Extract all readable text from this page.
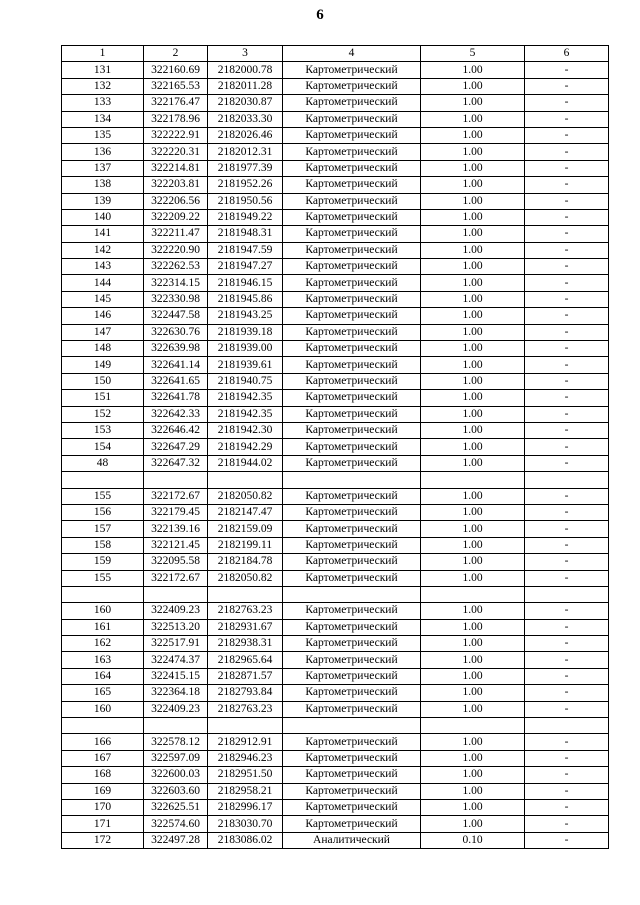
6
1	2	3	4	5	6
131	322160.69	2182000.78	Картометрический	1.00	-
132	322165.53	2182011.28	Картометрический	1.00	-
133	322176.47	2182030.87	Картометрический	1.00	-
134	322178.96	2182033.30	Картометрический	1.00	-
135	322222.91	2182026.46	Картометрический	1.00	-
136	322220.31	2182012.31	Картометрический	1.00	-
137	322214.81	2181977.39	Картометрический	1.00	-
138	322203.81	2181952.26	Картометрический	1.00	-
139	322206.56	2181950.56	Картометрический	1.00	-
140	322209.22	2181949.22	Картометрический	1.00	-
141	322211.47	2181948.31	Картометрический	1.00	-
142	322220.90	2181947.59	Картометрический	1.00	-
143	322262.53	2181947.27	Картометрический	1.00	-
144	322314.15	2181946.15	Картометрический	1.00	-
145	322330.98	2181945.86	Картометрический	1.00	-
146	322447.58	2181943.25	Картометрический	1.00	-
147	322630.76	2181939.18	Картометрический	1.00	-
148	322639.98	2181939.00	Картометрический	1.00	-
149	322641.14	2181939.61	Картометрический	1.00	-
150	322641.65	2181940.75	Картометрический	1.00	-
151	322641.78	2181942.35	Картометрический	1.00	-
152	322642.33	2181942.35	Картометрический	1.00	-
153	322646.42	2181942.30	Картометрический	1.00	-
154	322647.29	2181942.29	Картометрический	1.00	-
48	322647.32	2181944.02	Картометрический	1.00	-

155	322172.67	2182050.82	Картометрический	1.00	-
156	322179.45	2182147.47	Картометрический	1.00	-
157	322139.16	2182159.09	Картометрический	1.00	-
158	322121.45	2182199.11	Картометрический	1.00	-
159	322095.58	2182184.78	Картометрический	1.00	-
155	322172.67	2182050.82	Картометрический	1.00	-

160	322409.23	2182763.23	Картометрический	1.00	-
161	322513.20	2182931.67	Картометрический	1.00	-
162	322517.91	2182938.31	Картометрический	1.00	-
163	322474.37	2182965.64	Картометрический	1.00	-
164	322415.15	2182871.57	Картометрический	1.00	-
165	322364.18	2182793.84	Картометрический	1.00	-
160	322409.23	2182763.23	Картометрический	1.00	-

166	322578.12	2182912.91	Картометрический	1.00	-
167	322597.09	2182946.23	Картометрический	1.00	-
168	322600.03	2182951.50	Картометрический	1.00	-
169	322603.60	2182958.21	Картометрический	1.00	-
170	322625.51	2182996.17	Картометрический	1.00	-
171	322574.60	2183030.70	Картометрический	1.00	-
172	322497.28	2183086.02	Аналитический	0.10	-
